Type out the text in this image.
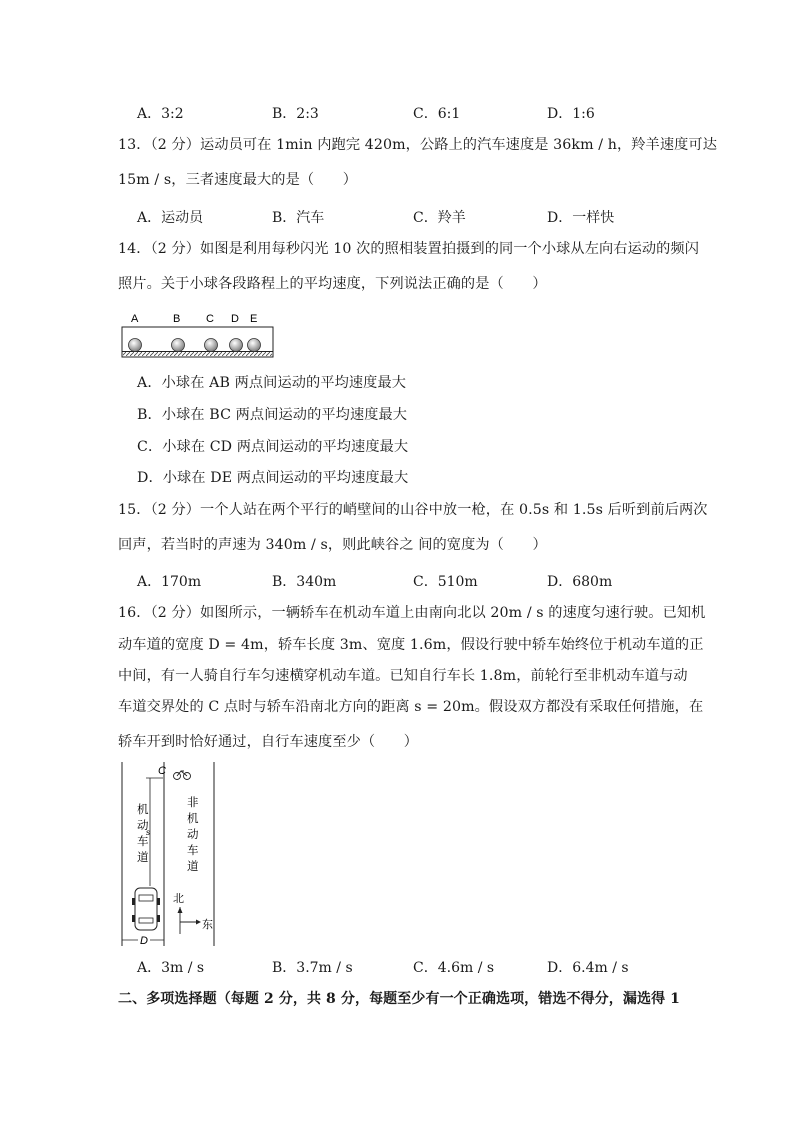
A．3:2	B．2:3	C．6:1	D．1:6
13．（2 分）运动员可在 1min 内跑完 420m，公路上的汽车速度是 36km / h，羚羊速度可达
15m / s，三者速度最大的是（　　）
A．运动员	B．汽车	C．羚羊	D．一样快
14．（2 分）如图是利用每秒闪光 10 次的照相装置拍摄到的同一个小球从左向右运动的频闪
照片。关于小球各段路程上的平均速度，下列说法正确的是（　　）
A	B C D E
A．小球在 AB 两点间运动的平均速度最大
B．小球在 BC 两点间运动的平均速度最大
C．小球在 CD 两点间运动的平均速度最大
D．小球在 DE 两点间运动的平均速度最大
15．（2 分）一个人站在两个平行的峭壁间的山谷中放一枪，在 0.5s 和 1.5s 后听到前后两次
回声，若当时的声速为 340m / s，则此峡谷之 间的宽度为（　　）
A．170m	B．340m	C．510m	D．680m
16．（2 分）如图所示，一辆轿车在机动车道上由南向北以 20m / s 的速度匀速行驶。已知机
动车道的宽度 D = 4m，轿车长度 3m、宽度 1.6m，假设行驶中轿车始终位于机动车道的正
中间，有一人骑自行车匀速横穿机动车道。已知自行车长 1.8m，前轮行至非机动车道与动
车道交界处的 C 点时与轿车沿南北方向的距离 s = 20m。假设双方都没有采取任何措施，在
轿车开到时恰好通过，自行车速度至少（　　）
C
s
机
动
车
道
非
机
动
车
道
北
东
D
A．3m / s	B．3.7m / s	C．4.6m / s	D．6.4m / s
二、多项选择题（每题 2 分，共 8 分，每题至少有一个正确选项，错选不得分，漏选得 1
